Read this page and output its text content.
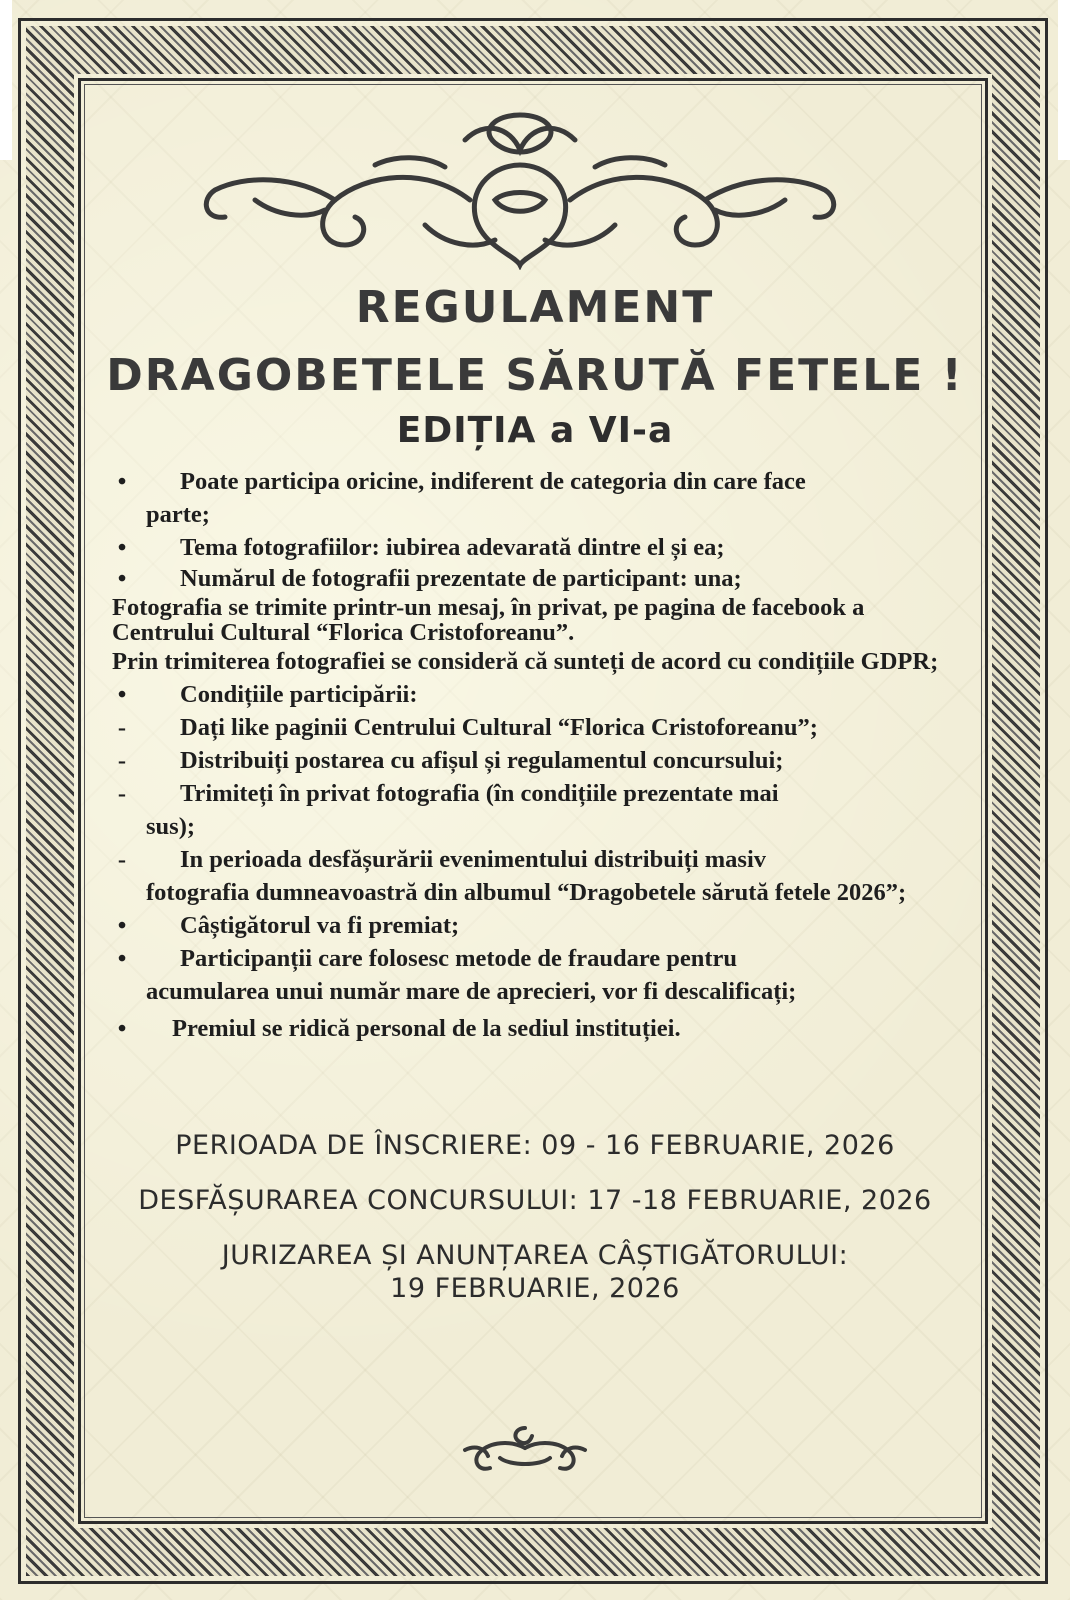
REGULAMENT
DRAGOBETELE SĂRUTĂ FETELE !
EDIȚIA a VI-a
• Poate participa oricine, indiferent de categoria din care face
parte;
• Tema fotografiilor: iubirea adevarată dintre el și ea;
• Numărul de fotografii prezentate de participant: una;
Fotografia se trimite printr-un mesaj, în privat, pe pagina de facebook a Centrului Cultural “Florica Cristoforeanu”.
Prin trimiterea fotografiei se consideră că sunteți de acord cu condițiile GDPR;
• Condițiile participării:
- Dați like paginii Centrului Cultural “Florica Cristoforeanu”;
- Distribuiți postarea cu afișul și regulamentul concursului;
- Trimiteți în privat fotografia (în condițiile prezentate mai
sus);
- In perioada desfășurării evenimentului distribuiți masiv
fotografia dumneavoastră din albumul “Dragobetele sărută fetele 2026”;
• Câștigătorul va fi premiat;
• Participanții care folosesc metode de fraudare pentru
acumularea unui număr mare de aprecieri, vor fi descalificați;
• Premiul se ridică personal de la sediul instituției.
PERIOADA DE ÎNSCRIERE: 09 - 16 FEBRUARIE, 2026
DESFĂȘURAREA CONCURSULUI: 17 -18 FEBRUARIE, 2026
JURIZAREA ȘI ANUNȚAREA CÂȘTIGĂTORULUI:
19 FEBRUARIE, 2026
